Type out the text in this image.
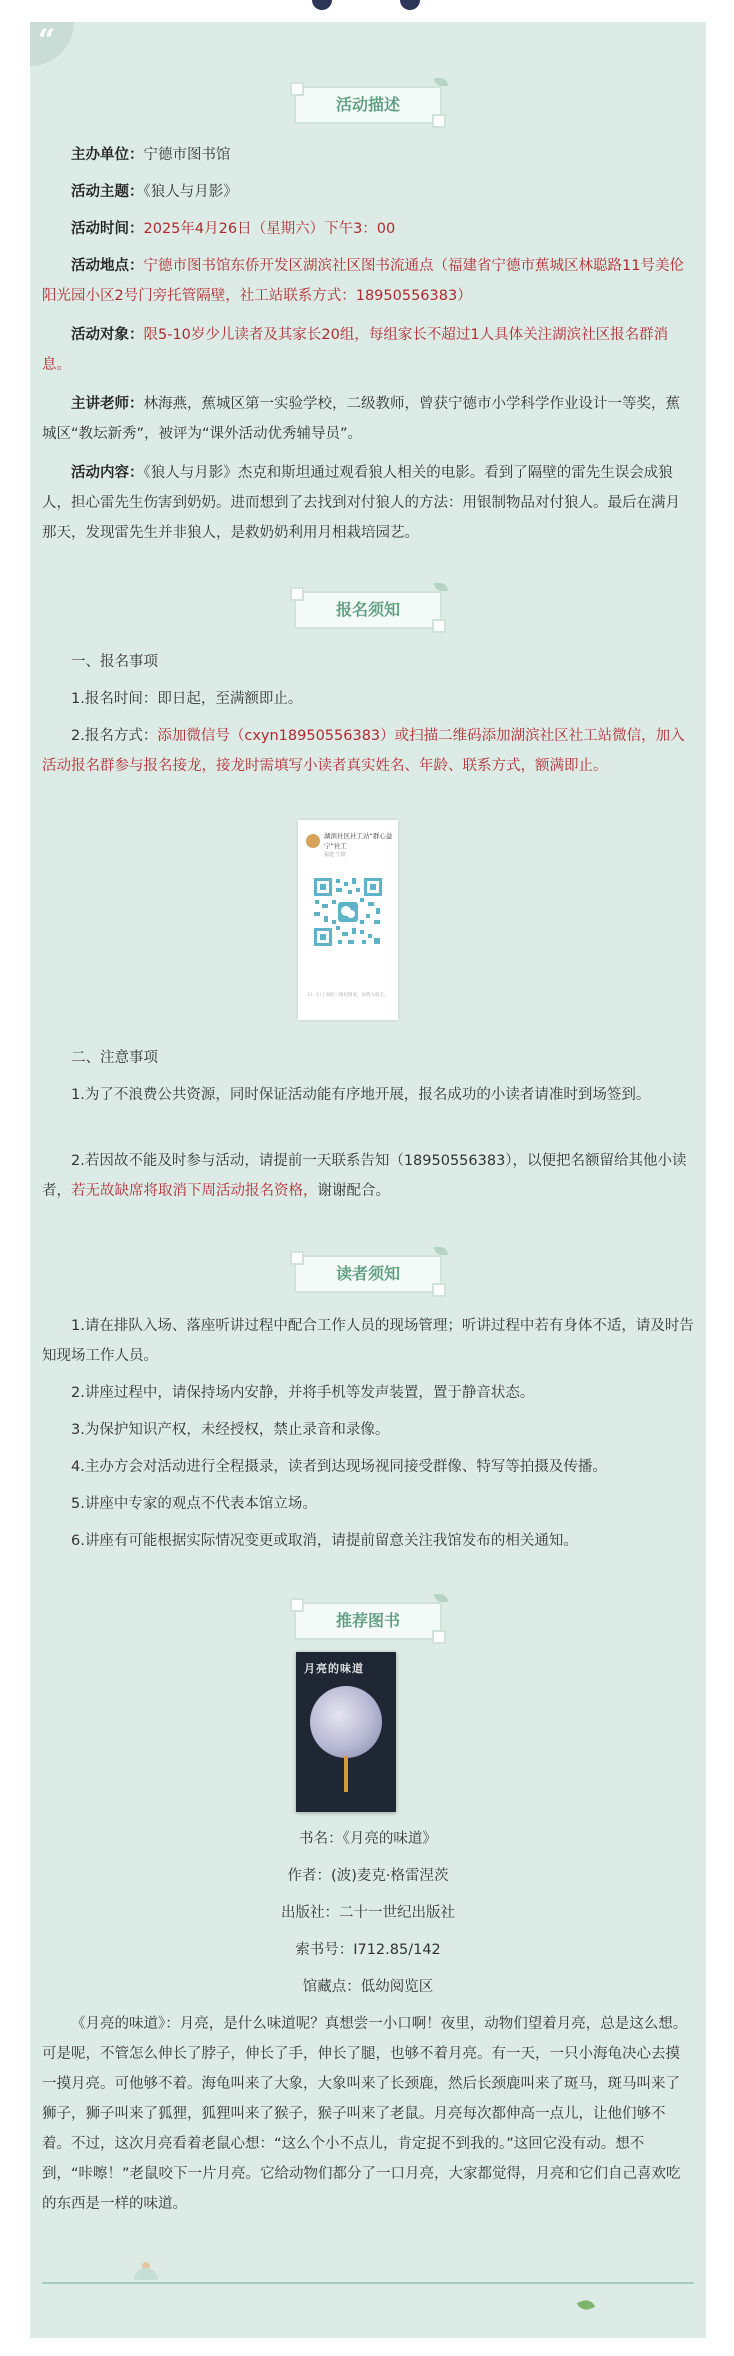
“
活动描述

主办单位：宁德市图书馆

活动主题：《狼人与月影》

活动时间：2025年4月26日（星期六）下午3：00

活动地点：宁德市图书馆东侨开发区湖滨社区图书流通点（福建省宁德市蕉城区林聪路11号美伦阳光园小区2号门旁托管隔壁，社工站联系方式：18950556383）

活动对象：限5-10岁少儿读者及其家长20组，每组家长不超过1人具体关注湖滨社区报名群消息。

主讲老师：林海燕，蕉城区第一实验学校，二级教师，曾获宁德市小学科学作业设计一等奖，蕉城区“教坛新秀”，被评为“课外活动优秀辅导员”。

活动内容：《狼人与月影》杰克和斯坦通过观看狼人相关的电影。看到了隔壁的雷先生误会成狼人，担心雷先生伤害到奶奶。进而想到了去找到对付狼人的方法：用银制物品对付狼人。最后在满月那天，发现雷先生并非狼人，是救奶奶利用月相栽培园艺。

报名须知

一、报名事项

1.报名时间：即日起，至满额即止。

2.报名方式：添加微信号（cxyn18950556383）或扫描二维码添加湖滨社区社工站微信，加入活动报名群参与报名接龙，接龙时需填写小读者真实姓名、年龄、联系方式，额满即止。

湖滨社区社工站“群心益宁”社工
福建 宁德
扫一扫上面的二维码图案，加我为朋友。

二、注意事项

1.为了不浪费公共资源，同时保证活动能有序地开展，报名成功的小读者请准时到场签到。

2.若因故不能及时参与活动，请提前一天联系告知（18950556383），以便把名额留给其他小读者，若无故缺席将取消下周活动报名资格，谢谢配合。

读者须知

1.请在排队入场、落座听讲过程中配合工作人员的现场管理；听讲过程中若有身体不适，请及时告知现场工作人员。

2.讲座过程中，请保持场内安静，并将手机等发声装置，置于静音状态。

3.为保护知识产权，未经授权，禁止录音和录像。

4.主办方会对活动进行全程摄录，读者到达现场视同接受群像、特写等拍摄及传播。

5.讲座中专家的观点不代表本馆立场。

6.讲座有可能根据实际情况变更或取消，请提前留意关注我馆发布的相关通知。

推荐图书
月亮的味道

书名：《月亮的味道》

作者：(波)麦克·格雷涅茨

出版社：二十一世纪出版社

索书号：I712.85/142

馆藏点：低幼阅览区

《月亮的味道》：月亮，是什么味道呢？真想尝一小口啊！夜里，动物们望着月亮，总是这么想。可是呢，不管怎么伸长了脖子，伸长了手，伸长了腿，也够不着月亮。有一天，一只小海龟决心去摸一摸月亮。可他够不着。海龟叫来了大象，大象叫来了长颈鹿，然后长颈鹿叫来了斑马，斑马叫来了狮子，狮子叫来了狐狸，狐狸叫来了猴子，猴子叫来了老鼠。月亮每次都伸高一点儿，让他们够不着。不过，这次月亮看着老鼠心想：“这么个小不点儿，肯定捉不到我的。”这回它没有动。想不到，“咔嚓！”老鼠咬下一片月亮。它给动物们都分了一口月亮，大家都觉得，月亮和它们自己喜欢吃的东西是一样的味道。
